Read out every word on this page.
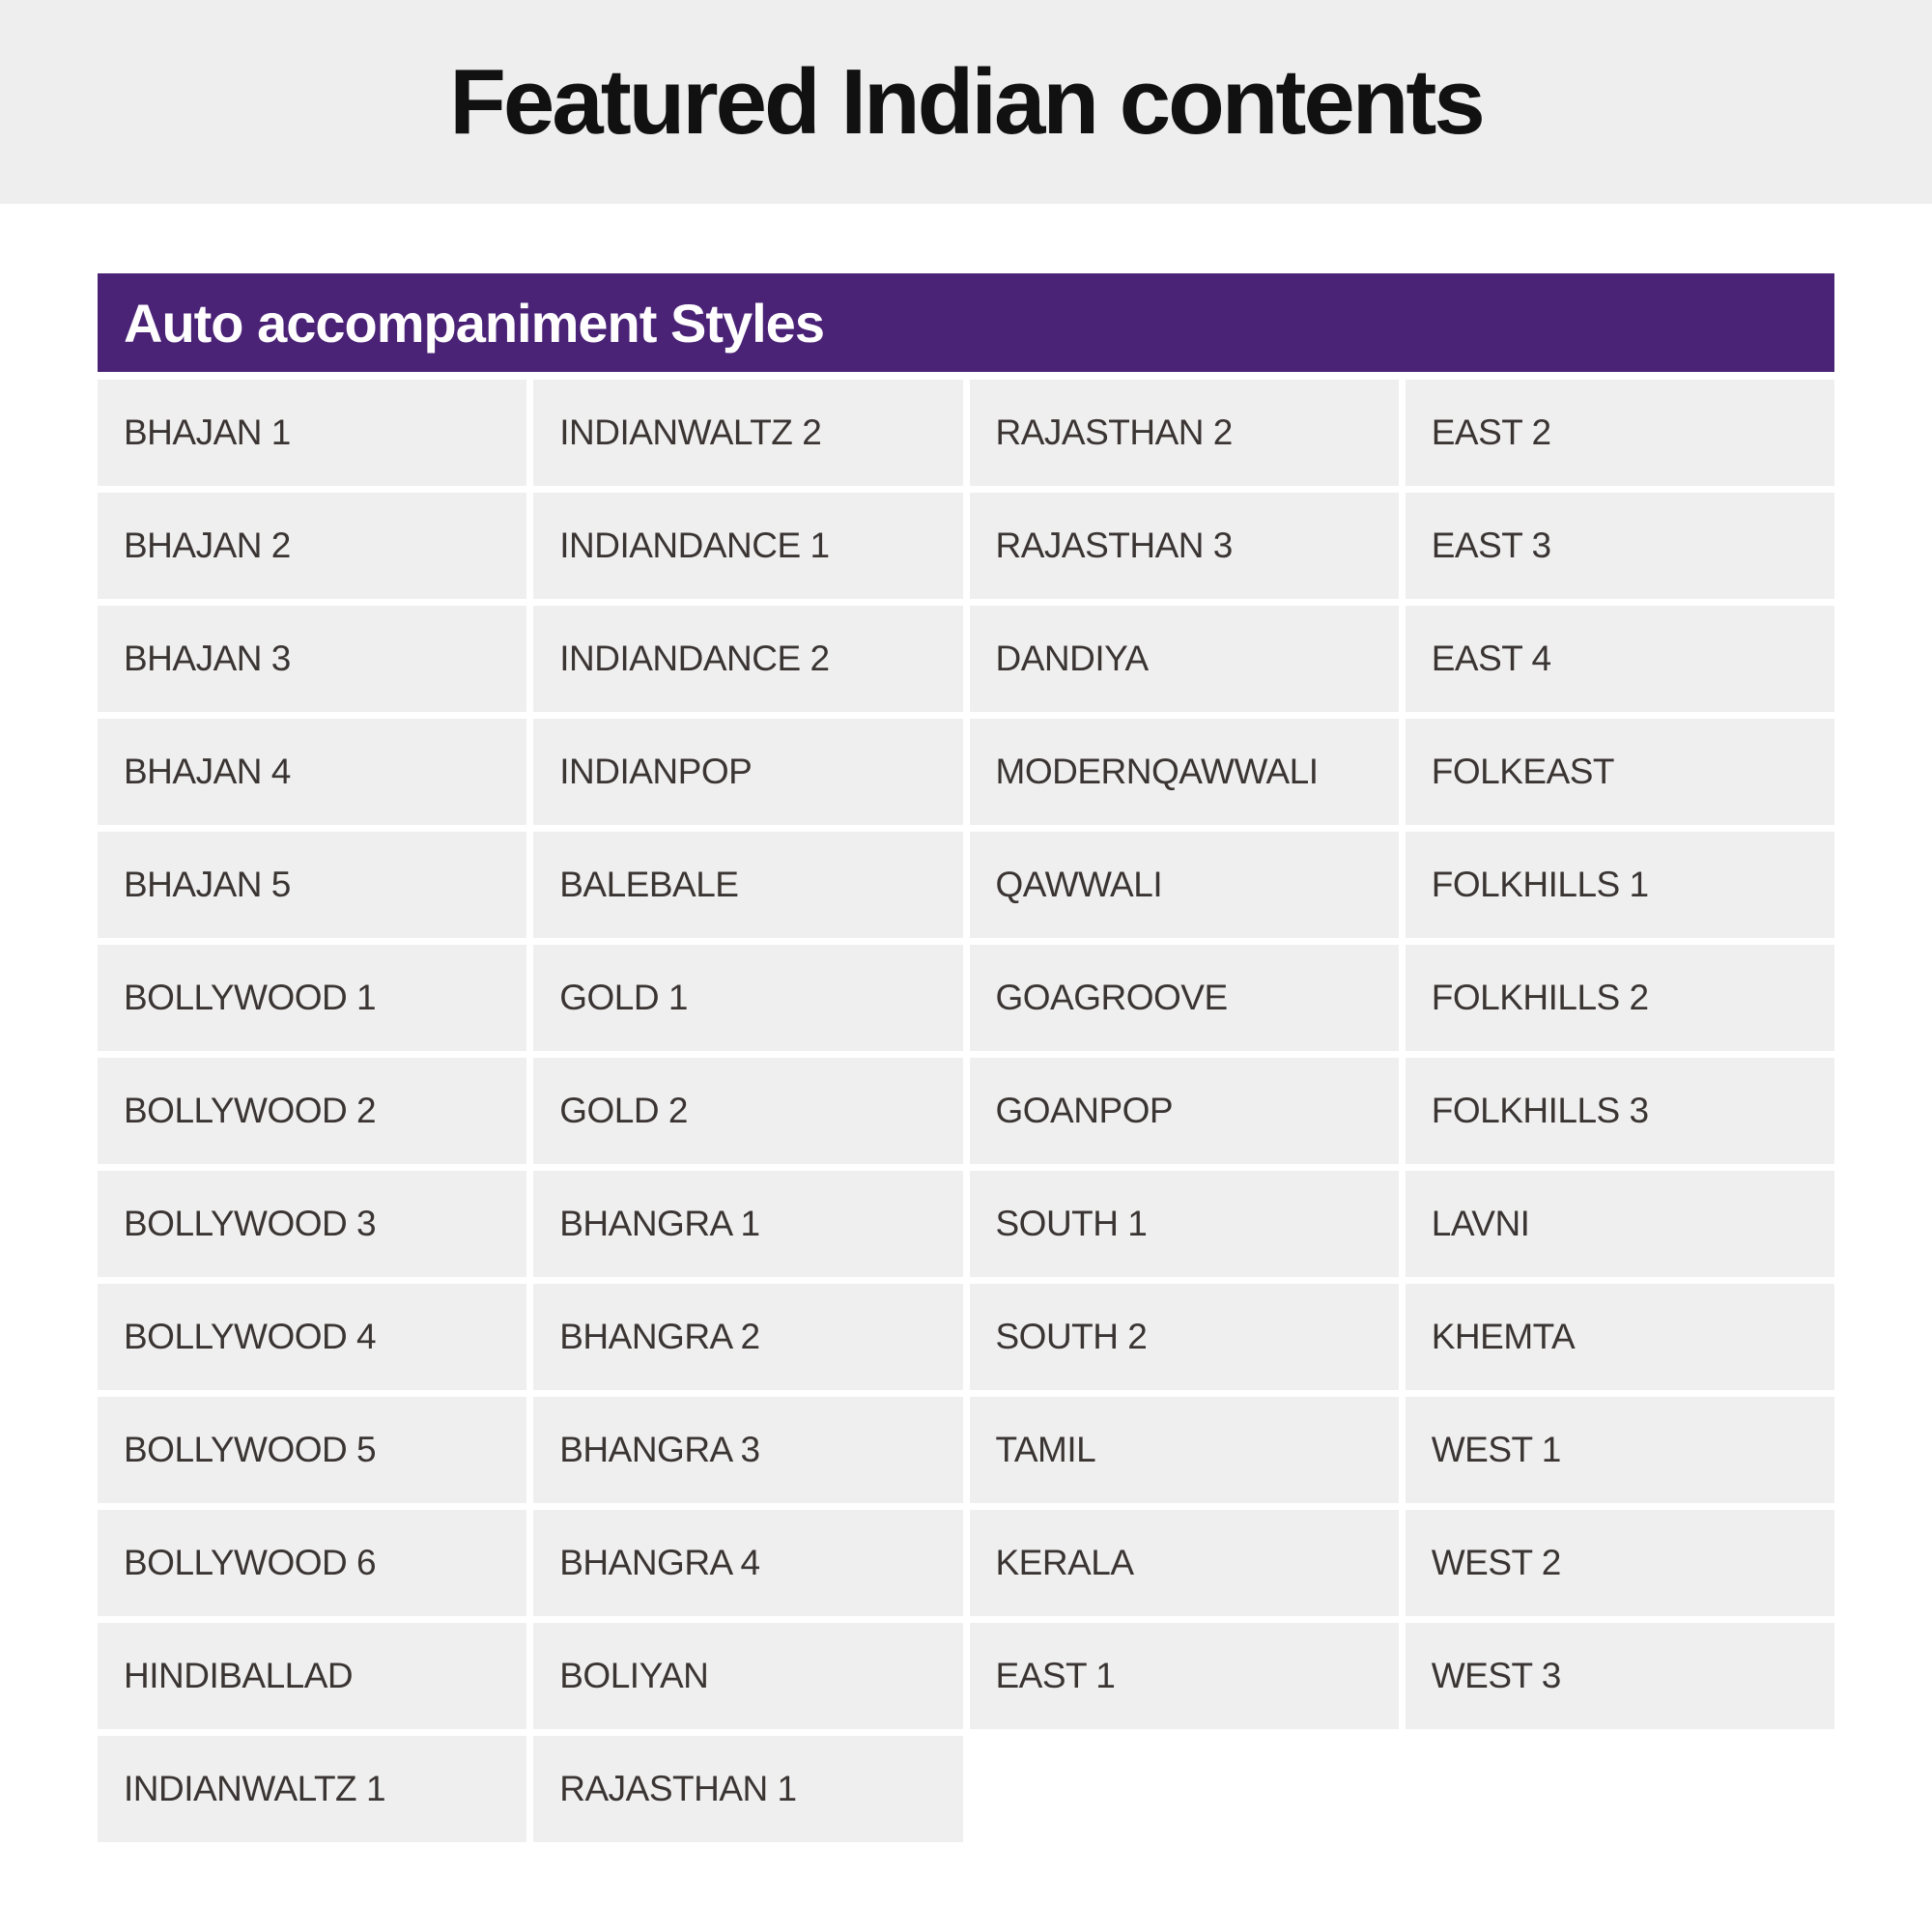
Featured Indian contents
Auto accompaniment Styles
BHAJAN 1	INDIANWALTZ 2	RAJASTHAN 2	EAST 2
BHAJAN 2	INDIANDANCE 1	RAJASTHAN 3	EAST 3
BHAJAN 3	INDIANDANCE 2	DANDIYA	EAST 4
BHAJAN 4	INDIANPOP	MODERNQAWWALI	FOLKEAST
BHAJAN 5	BALEBALE	QAWWALI	FOLKHILLS 1
BOLLYWOOD 1	GOLD 1	GOAGROOVE	FOLKHILLS 2
BOLLYWOOD 2	GOLD 2	GOANPOP	FOLKHILLS 3
BOLLYWOOD 3	BHANGRA 1	SOUTH 1	LAVNI
BOLLYWOOD 4	BHANGRA 2	SOUTH 2	KHEMTA
BOLLYWOOD 5	BHANGRA 3	TAMIL	WEST 1
BOLLYWOOD 6	BHANGRA 4	KERALA	WEST 2
HINDIBALLAD	BOLIYAN	EAST 1	WEST 3
INDIANWALTZ 1	RAJASTHAN 1
